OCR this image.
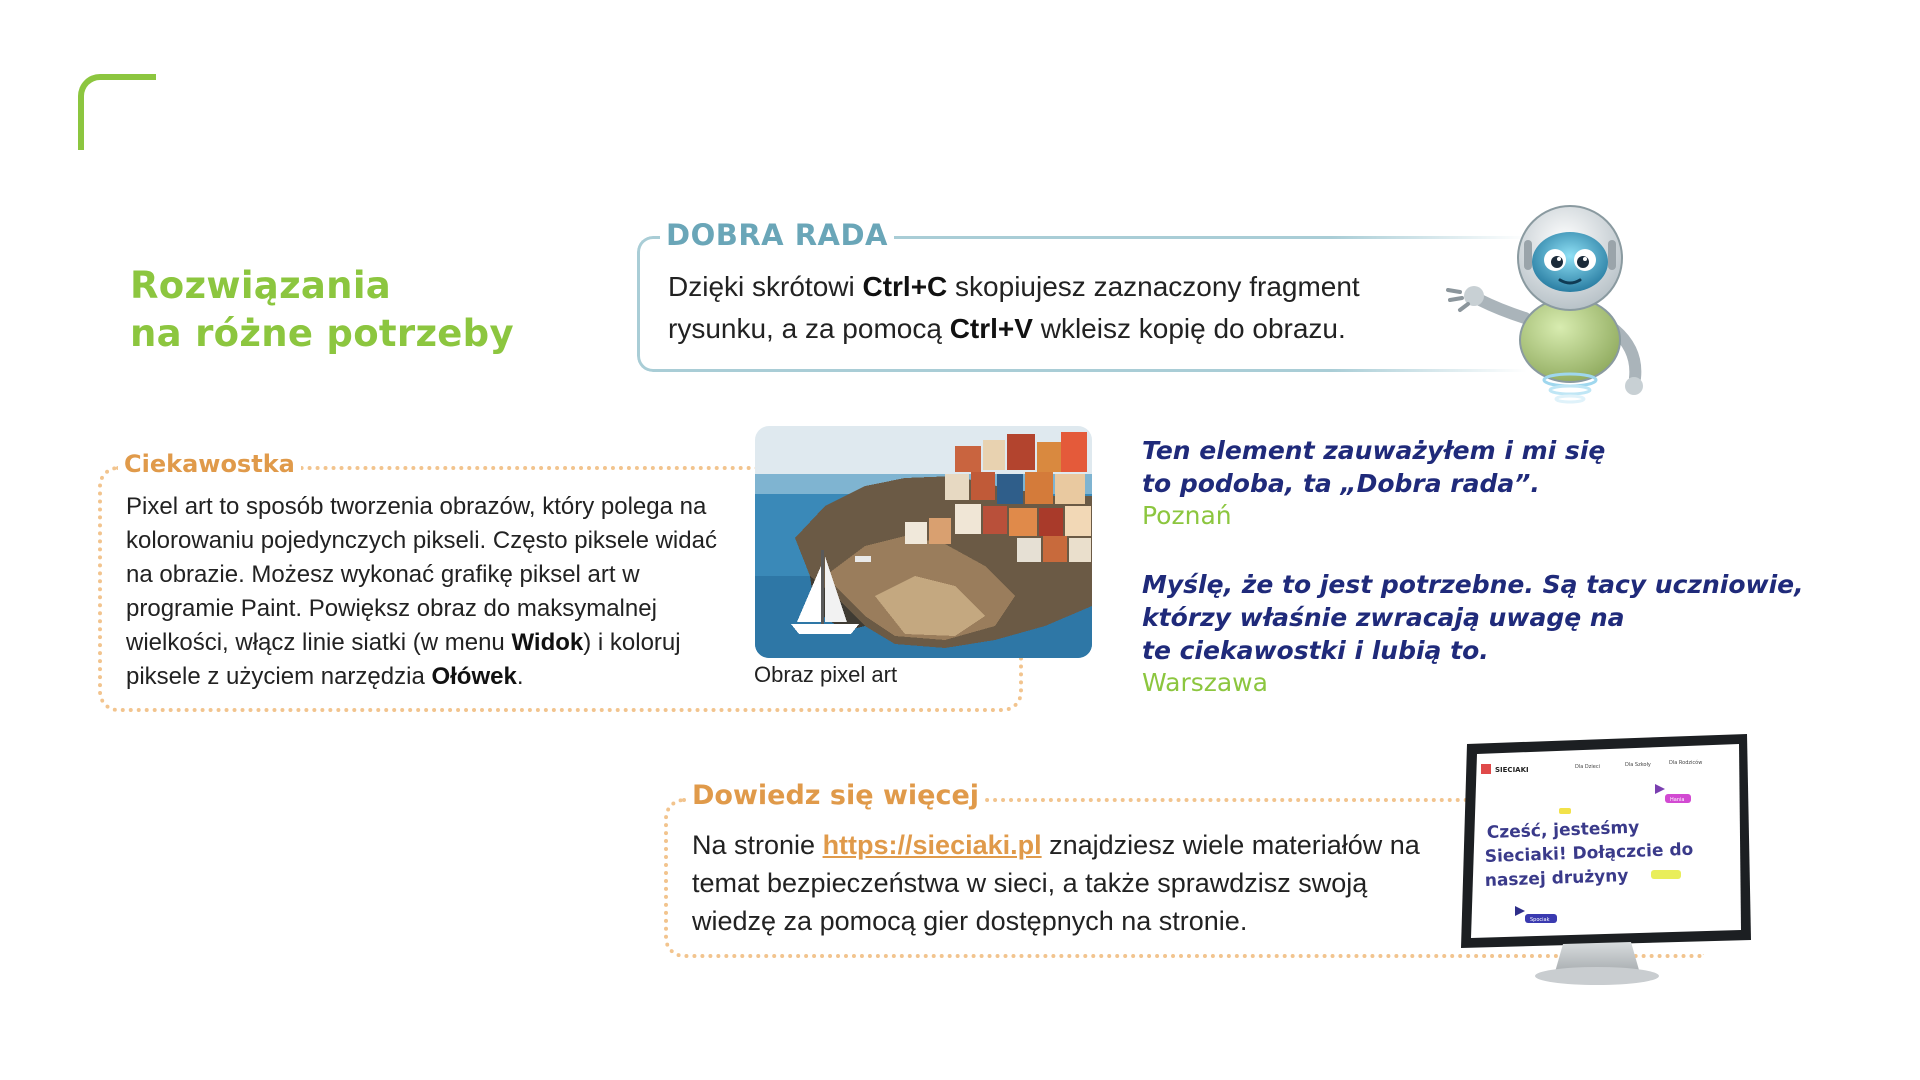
Rozwiązania
na różne potrzeby
DOBRA RADA
Dzięki skrótowi Ctrl+C skopiujesz zaznaczony fragment rysunku, a za pomocą Ctrl+V wkleisz kopię do obrazu.
Ciekawostka
Pixel art to sposób tworzenia obrazów, który polega na kolorowaniu pojedynczych pikseli. Często piksele widać na obrazie. Możesz wykonać grafikę piksel art w programie Paint. Powiększ obraz do maksymalnej wielkości, włącz linie siatki (w menu Widok) i koloruj piksele z użyciem narzędzia Ołówek.	Obraz pixel art
Ten element zauważyłem i mi się
to podoba, ta „Dobra rada”.
Poznań
Myślę, że to jest potrzebne. Są tacy uczniowie,
którzy właśnie zwracają uwagę na
te ciekawostki i lubią to.
Warszawa
Dowiedz się więcej
Na stronie https://sieciaki.pl znajdziesz wiele materiałów na temat bezpieczeństwa w sieci, a także sprawdzisz swoją wiedzę za pomocą gier dostępnych na stronie.
SIECIAKI	Dla Dzieci	Dla Szkoły	Dla Rodziców
Hania
Cześć, jesteśmy
Sieciaki! Dołączcie do
naszej drużyny
Spociak
